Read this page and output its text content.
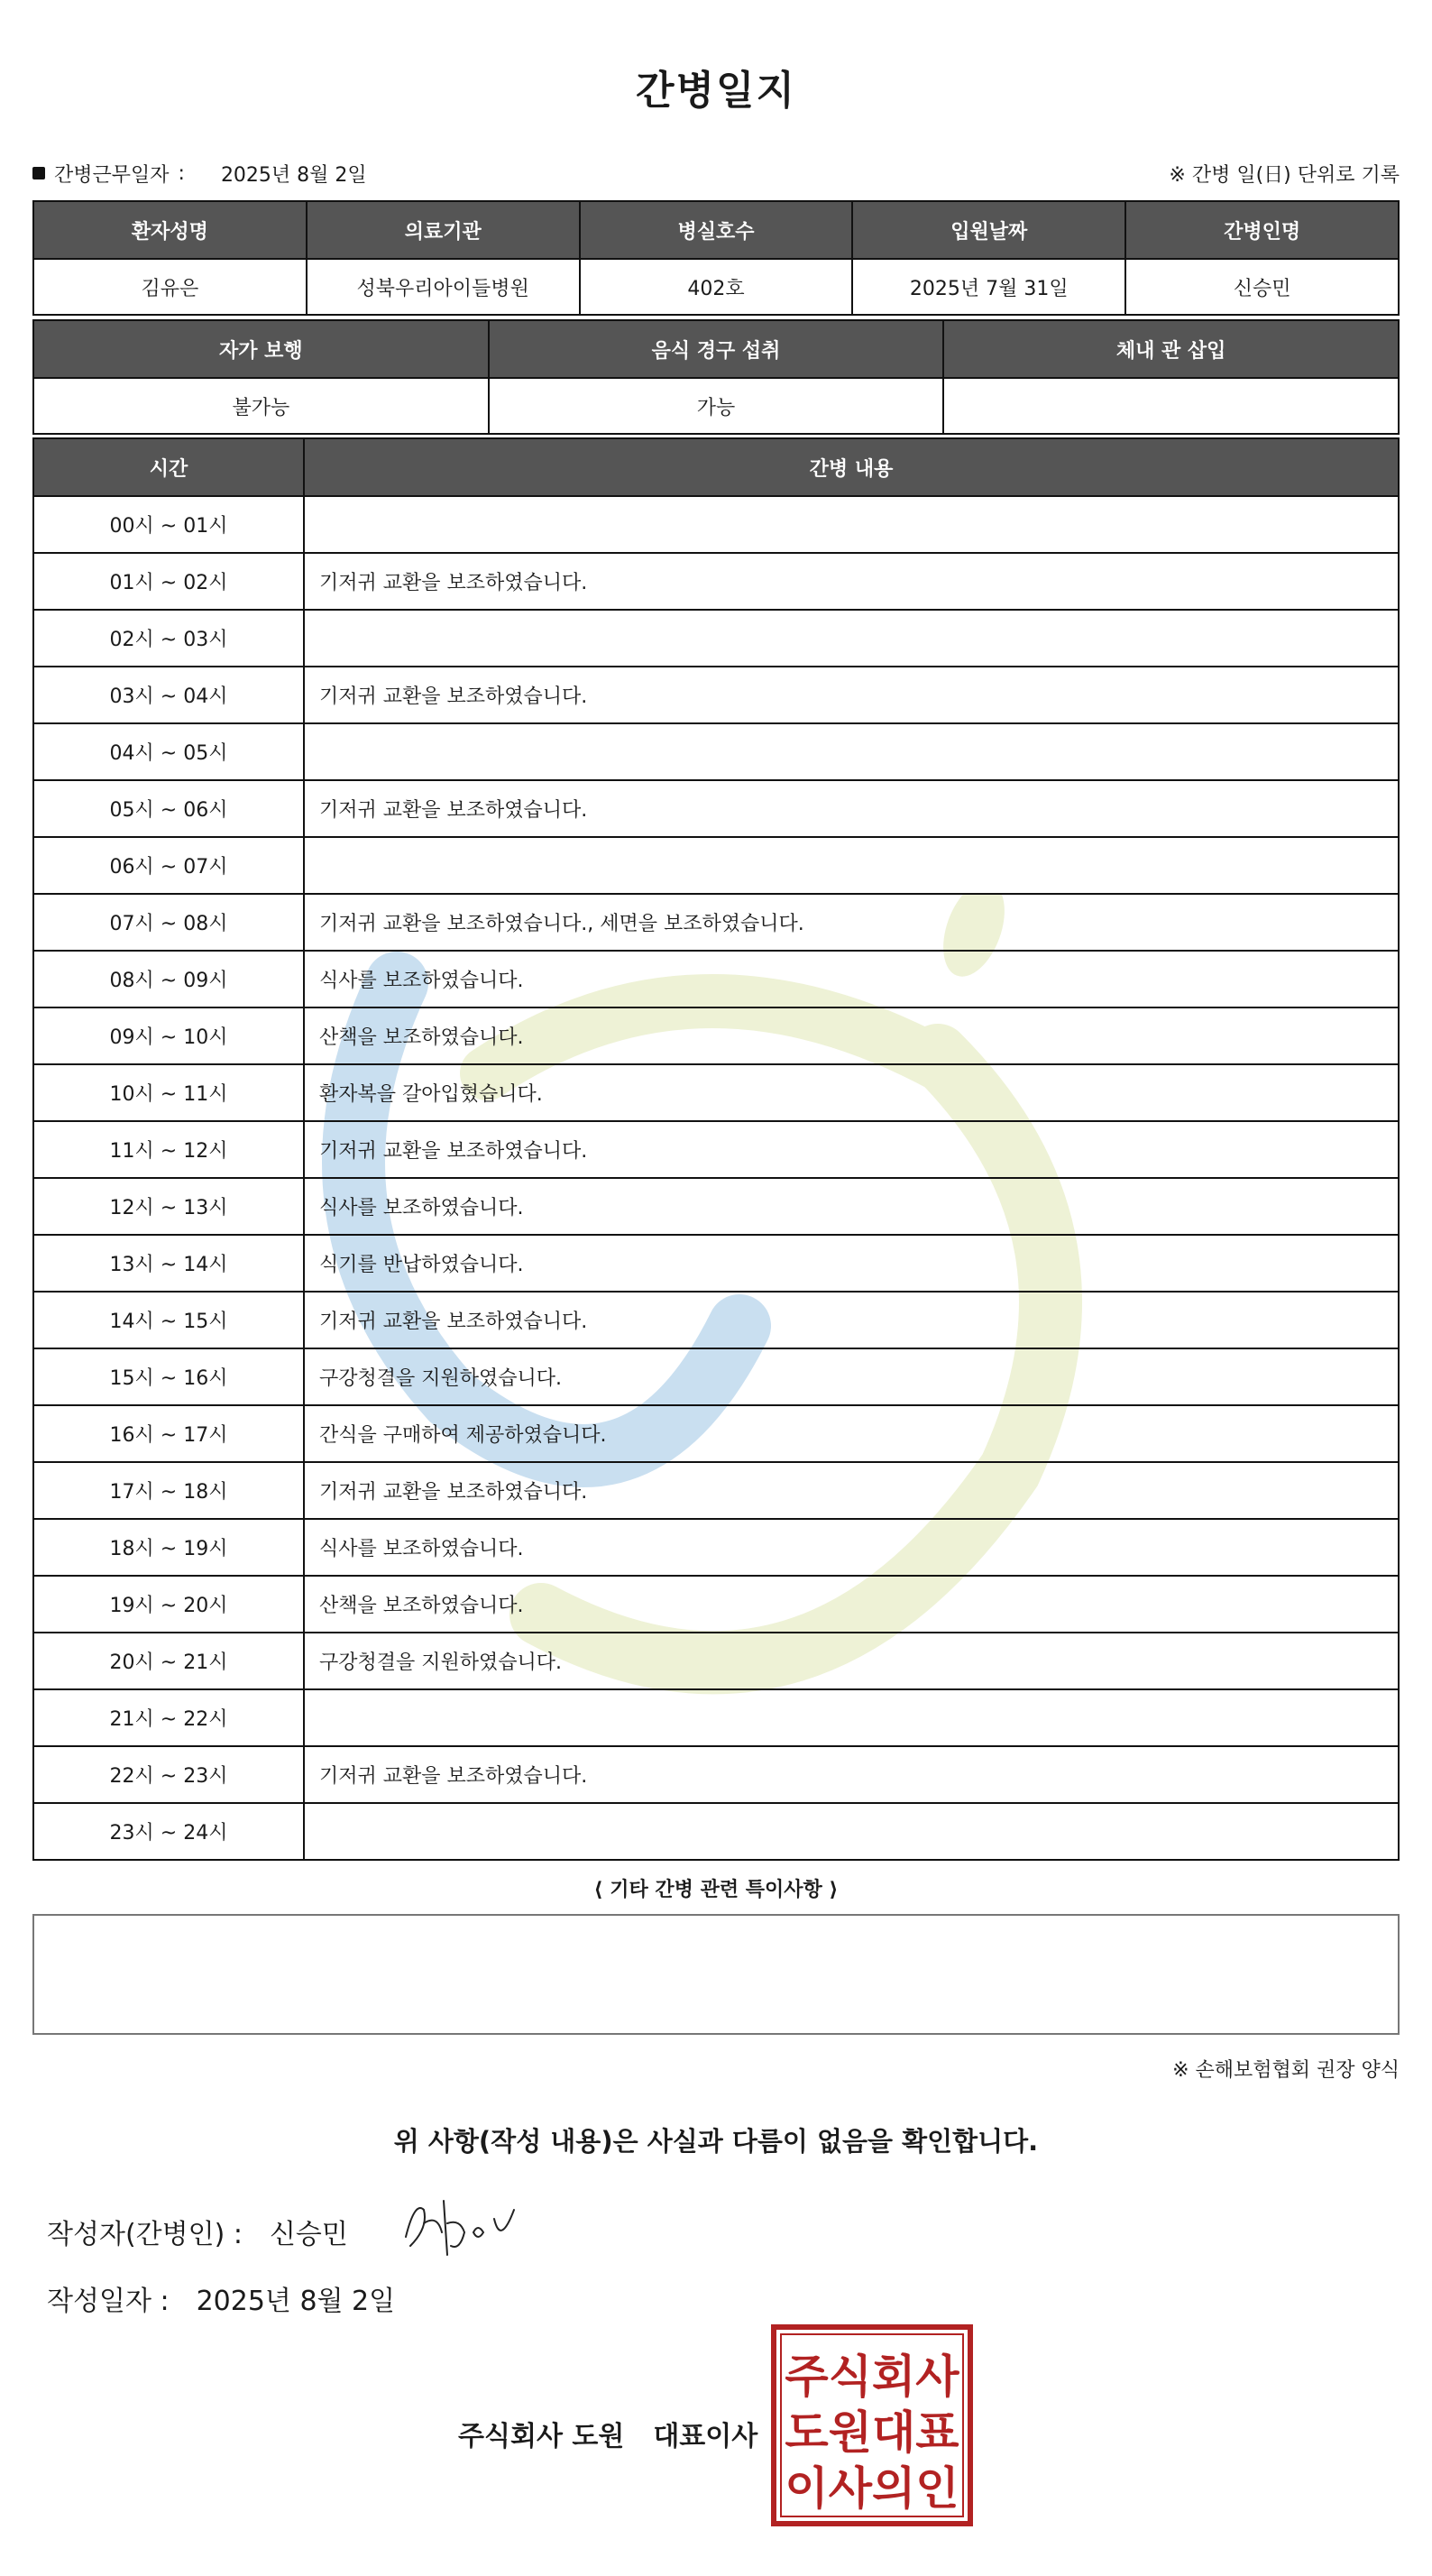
간병일지
간병근무일자 : 2025년 8월 2일	※ 간병 일(日) 단위로 기록
환자성명	의료기관	병실호수	입원날짜	간병인명
김유은	성북우리아이들병원	402호	2025년 7월 31일	신승민
자가 보행	음식 경구 섭취	체내 관 삽입
불가능	가능	
시간	간병 내용
00시 ~ 01시	
01시 ~ 02시	기저귀 교환을 보조하였습니다.
02시 ~ 03시	
03시 ~ 04시	기저귀 교환을 보조하였습니다.
04시 ~ 05시	
05시 ~ 06시	기저귀 교환을 보조하였습니다.
06시 ~ 07시	
07시 ~ 08시	기저귀 교환을 보조하였습니다., 세면을 보조하였습니다.
08시 ~ 09시	식사를 보조하였습니다.
09시 ~ 10시	산책을 보조하였습니다.
10시 ~ 11시	환자복을 갈아입혔습니다.
11시 ~ 12시	기저귀 교환을 보조하였습니다.
12시 ~ 13시	식사를 보조하였습니다.
13시 ~ 14시	식기를 반납하였습니다.
14시 ~ 15시	기저귀 교환을 보조하였습니다.
15시 ~ 16시	구강청결을 지원하였습니다.
16시 ~ 17시	간식을 구매하여 제공하였습니다.
17시 ~ 18시	기저귀 교환을 보조하였습니다.
18시 ~ 19시	식사를 보조하였습니다.
19시 ~ 20시	산책을 보조하였습니다.
20시 ~ 21시	구강청결을 지원하였습니다.
21시 ~ 22시	
22시 ~ 23시	기저귀 교환을 보조하였습니다.
23시 ~ 24시	
⟨ 기타 간병 관련 특이사항 ⟩
※ 손해보험협회 권장 양식
위 사항(작성 내용)은 사실과 다름이 없음을 확인합니다.
작성자(간병인) : 신승민
작성일자 : 2025년 8월 2일
주식회사 도원 대표이사
주식회사
도원대표
이사의인
